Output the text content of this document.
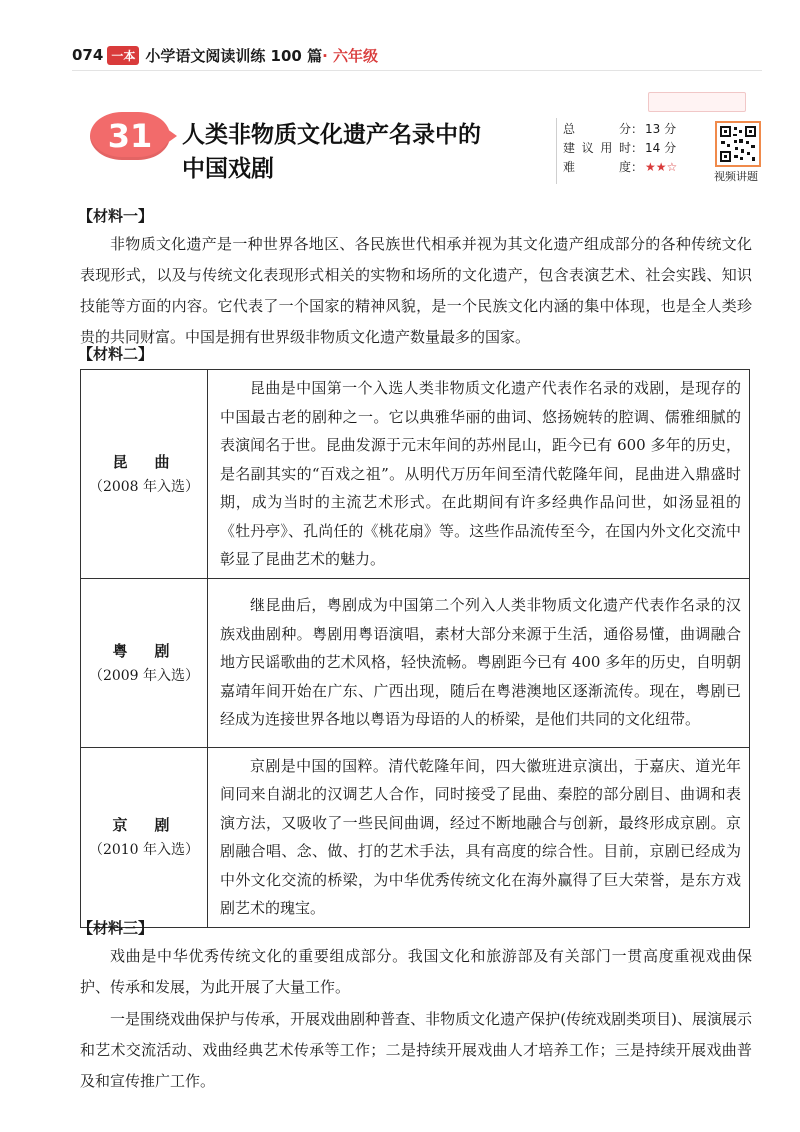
074 一本 小学语文阅读训练 100 篇 · 六年级
31	人类非物质文化遗产名录中的
中国戏剧
总　　分 ： 13 分
建议用时 ： 14 分
难　　度 ： ★★☆
视频讲题
【材料一】

非物质文化遗产是一种世界各地区、各民族世代相承并视为其文化遗产组成部分的各种传统文化表现形式，以及与传统文化表现形式相关的实物和场所的文化遗产，包含表演艺术、社会实践、知识技能等方面的内容。它代表了一个国家的精神风貌，是一个民族文化内涵的集中体现，也是全人类珍贵的共同财富。中国是拥有世界级非物质文化遗产数量最多的国家。

【材料二】
昆　曲
（2008 年入选）	昆曲是中国第一个入选人类非物质文化遗产代表作名录的戏剧，是现存的中国最古老的剧种之一。它以典雅华丽的曲词、悠扬婉转的腔调、儒雅细腻的表演闻名于世。昆曲发源于元末年间的苏州昆山，距今已有 600 多年的历史，是名副其实的“百戏之祖”。从明代万历年间至清代乾隆年间，昆曲进入鼎盛时期，成为当时的主流艺术形式。在此期间有许多经典作品问世，如汤显祖的《牡丹亭》、孔尚任的《桃花扇》等。这些作品流传至今，在国内外文化交流中彰显了昆曲艺术的魅力。

粤　剧
（2009 年入选）	继昆曲后，粤剧成为中国第二个列入人类非物质文化遗产代表作名录的汉族戏曲剧种。粤剧用粤语演唱，素材大部分来源于生活，通俗易懂，曲调融合地方民谣歌曲的艺术风格，轻快流畅。粤剧距今已有 400 多年的历史，自明朝嘉靖年间开始在广东、广西出现，随后在粤港澳地区逐渐流传。现在，粤剧已经成为连接世界各地以粤语为母语的人的桥梁，是他们共同的文化纽带。

京　剧
（2010 年入选）	京剧是中国的国粹。清代乾隆年间，四大徽班进京演出，于嘉庆、道光年间同来自湖北的汉调艺人合作，同时接受了昆曲、秦腔的部分剧目、曲调和表演方法，又吸收了一些民间曲调，经过不断地融合与创新，最终形成京剧。京剧融合唱、念、做、打的艺术手法，具有高度的综合性。目前，京剧已经成为中外文化交流的桥梁，为中华优秀传统文化在海外赢得了巨大荣誉，是东方戏剧艺术的瑰宝。

【材料三】

戏曲是中华优秀传统文化的重要组成部分。我国文化和旅游部及有关部门一贯高度重视戏曲保护、传承和发展，为此开展了大量工作。

一是围绕戏曲保护与传承，开展戏曲剧种普查、非物质文化遗产保护(传统戏剧类项目)、展演展示和艺术交流活动、戏曲经典艺术传承等工作；二是持续开展戏曲人才培养工作；三是持续开展戏曲普及和宣传推广工作。
